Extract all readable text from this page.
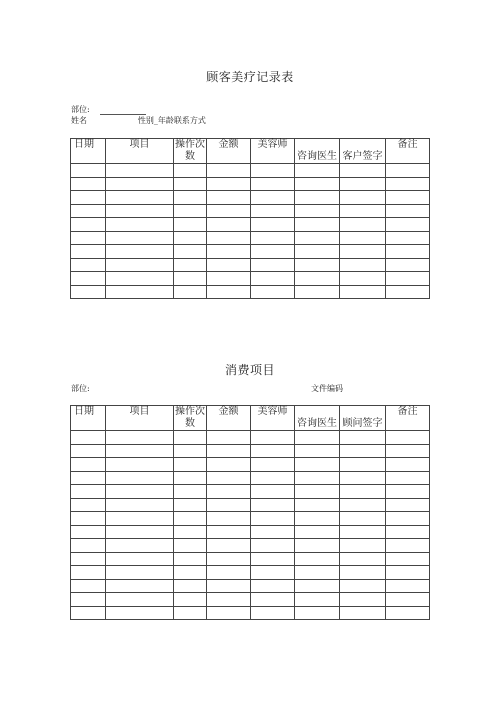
顾客美疗记录表
部位:
姓名                    性别_年龄联系方式
日期	项目	操作次数	金额	美容师	咨询医生	客户签字	备注

消费项目
部位:	文件编码
日期	项目	操作次数	金额	美容师	咨询医生	顾问签字	备注
